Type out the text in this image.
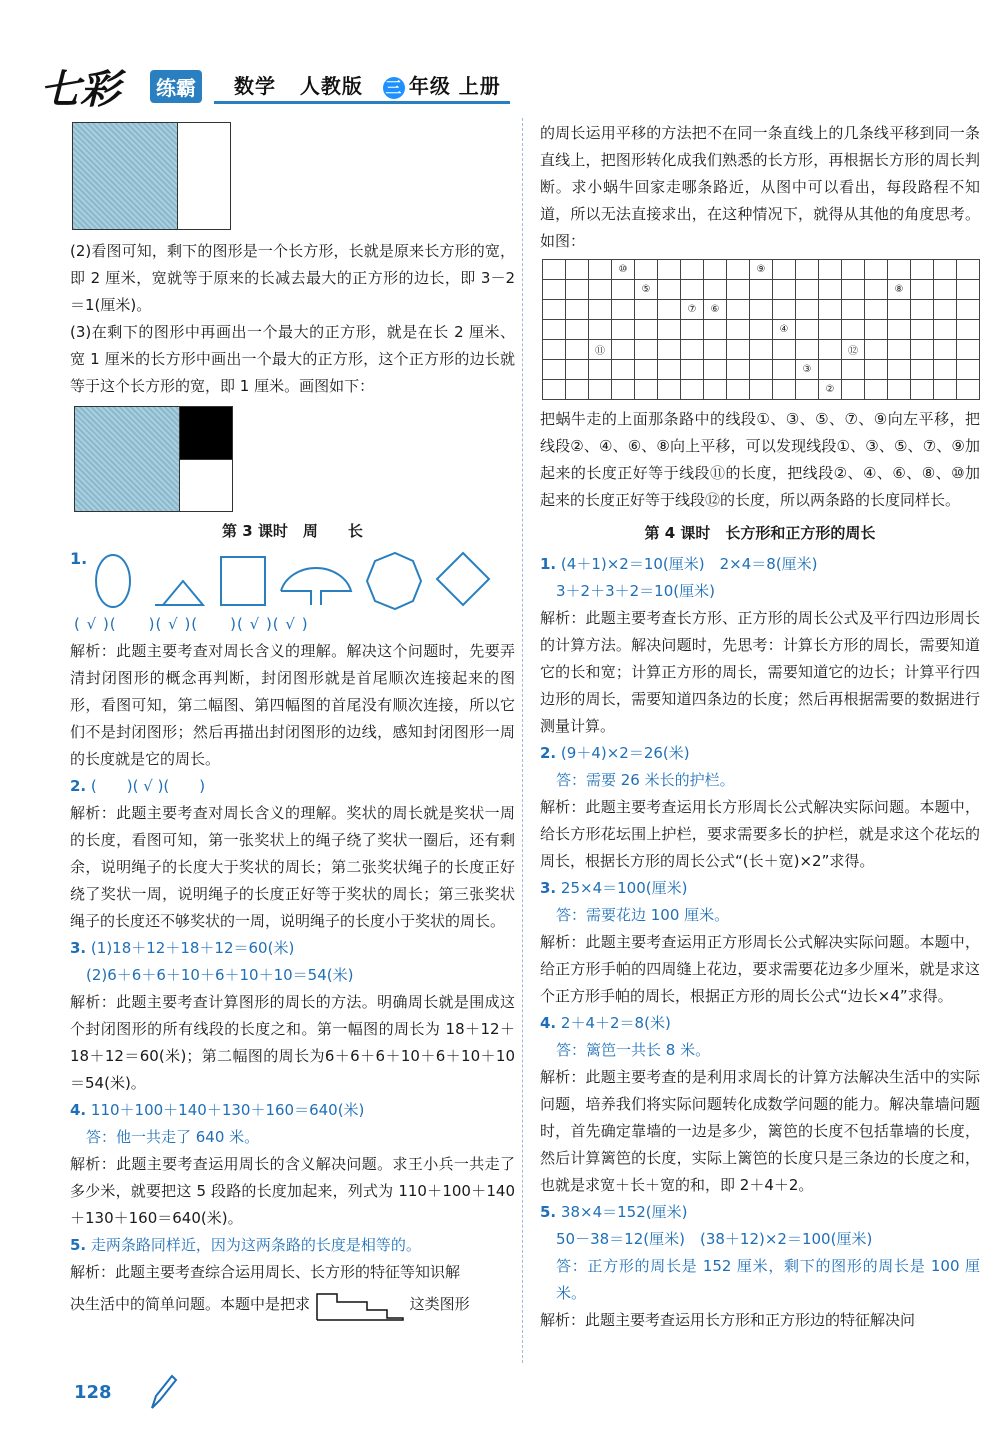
七彩	练霸	数学 人教版 三 年级 上册

(2)看图可知，剩下的图形是一个长方形，长就是原来长方形的宽，即 2 厘米，宽就等于原来的长减去最大的正方形的边长，即 3－2＝1(厘米)。

(3)在剩下的图形中再画出一个最大的正方形，就是在长 2 厘米、宽 1 厘米的长方形中画出一个最大的正方形，这个正方形的边长就等于这个长方形的宽，即 1 厘米。画图如下：

第 3 课时　周　　长
1.

( √ )(　　)( √ )(　　)( √ )( √ )

解析：此题主要考查对周长含义的理解。解决这个问题时，先要弄清封闭图形的概念再判断，封闭图形就是首尾顺次连接起来的图形，看图可知，第二幅图、第四幅图的首尾没有顺次连接，所以它们不是封闭图形；然后再描出封闭图形的边线，感知封闭图形一周的长度就是它的周长。

2. (　　)( √ )(　　)

解析：此题主要考查对周长含义的理解。奖状的周长就是奖状一周的长度，看图可知，第一张奖状上的绳子绕了奖状一圈后，还有剩余，说明绳子的长度大于奖状的周长；第二张奖状绳子的长度正好绕了奖状一周，说明绳子的长度正好等于奖状的周长；第三张奖状绳子的长度还不够奖状的一周，说明绳子的长度小于奖状的周长。

3. (1)18＋12＋18＋12＝60(米)

(2)6＋6＋6＋10＋6＋10＋10＝54(米)

解析：此题主要考查计算图形的周长的方法。明确周长就是围成这个封闭图形的所有线段的长度之和。第一幅图的周长为 18＋12＋18＋12＝60(米)；第二幅图的周长为6＋6＋6＋10＋6＋10＋10＝54(米)。

4. 110＋100＋140＋130＋160＝640(米)

答：他一共走了 640 米。

解析：此题主要考查运用周长的含义解决问题。求王小兵一共走了多少米，就要把这 5 段路的长度加起来，列式为 110＋100＋140＋130＋160＝640(米)。

5. 走两条路同样近，因为这两条路的长度是相等的。

解析：此题主要考查综合运用周长、长方形的特征等知识解

决生活中的简单问题。本题中是把求	这类图形

的周长运用平移的方法把不在同一条直线上的几条线平移到同一条直线上，把图形转化成我们熟悉的长方形，再根据长方形的周长判断。求小蜗牛回家走哪条路近，从图中可以看出，每段路程不知道，所以无法直接求出，在这种情况下，就得从其他的角度思考。如图：

			⑩						⑨									
				⑤											⑧			
						⑦	⑥											
										④								
		⑪											⑫					
											③							
												②						

把蜗牛走的上面那条路中的线段①、③、⑤、⑦、⑨向左平移，把线段②、④、⑥、⑧向上平移，可以发现线段①、③、⑤、⑦、⑨加起来的长度正好等于线段⑪的长度，把线段②、④、⑥、⑧、⑩加起来的长度正好等于线段⑫的长度，所以两条路的长度同样长。

第 4 课时　长方形和正方形的周长

1. (4＋1)×2＝10(厘米)　2×4＝8(厘米)

3＋2＋3＋2＝10(厘米)

解析：此题主要考查长方形、正方形的周长公式及平行四边形周长的计算方法。解决问题时，先思考：计算长方形的周长，需要知道它的长和宽；计算正方形的周长，需要知道它的边长；计算平行四边形的周长，需要知道四条边的长度；然后再根据需要的数据进行测量计算。

2. (9＋4)×2＝26(米)

答：需要 26 米长的护栏。

解析：此题主要考查运用长方形周长公式解决实际问题。本题中，给长方形花坛围上护栏，要求需要多长的护栏，就是求这个花坛的周长，根据长方形的周长公式“(长＋宽)×2”求得。

3. 25×4＝100(厘米)

答：需要花边 100 厘米。

解析：此题主要考查运用正方形周长公式解决实际问题。本题中，给正方形手帕的四周缝上花边，要求需要花边多少厘米，就是求这个正方形手帕的周长，根据正方形的周长公式“边长×4”求得。

4. 2＋4＋2＝8(米)

答：篱笆一共长 8 米。

解析：此题主要考查的是利用求周长的计算方法解决生活中的实际问题，培养我们将实际问题转化成数学问题的能力。解决靠墙问题时，首先确定靠墙的一边是多少，篱笆的长度不包括靠墙的长度，然后计算篱笆的长度，实际上篱笆的长度只是三条边的长度之和，也就是求宽＋长＋宽的和，即 2＋4＋2。

5. 38×4＝152(厘米)

50－38＝12(厘米)　(38＋12)×2＝100(厘米)

答：正方形的周长是 152 厘米，剩下的图形的周长是 100 厘米。

解析：此题主要考查运用长方形和正方形边的特征解决问

128
